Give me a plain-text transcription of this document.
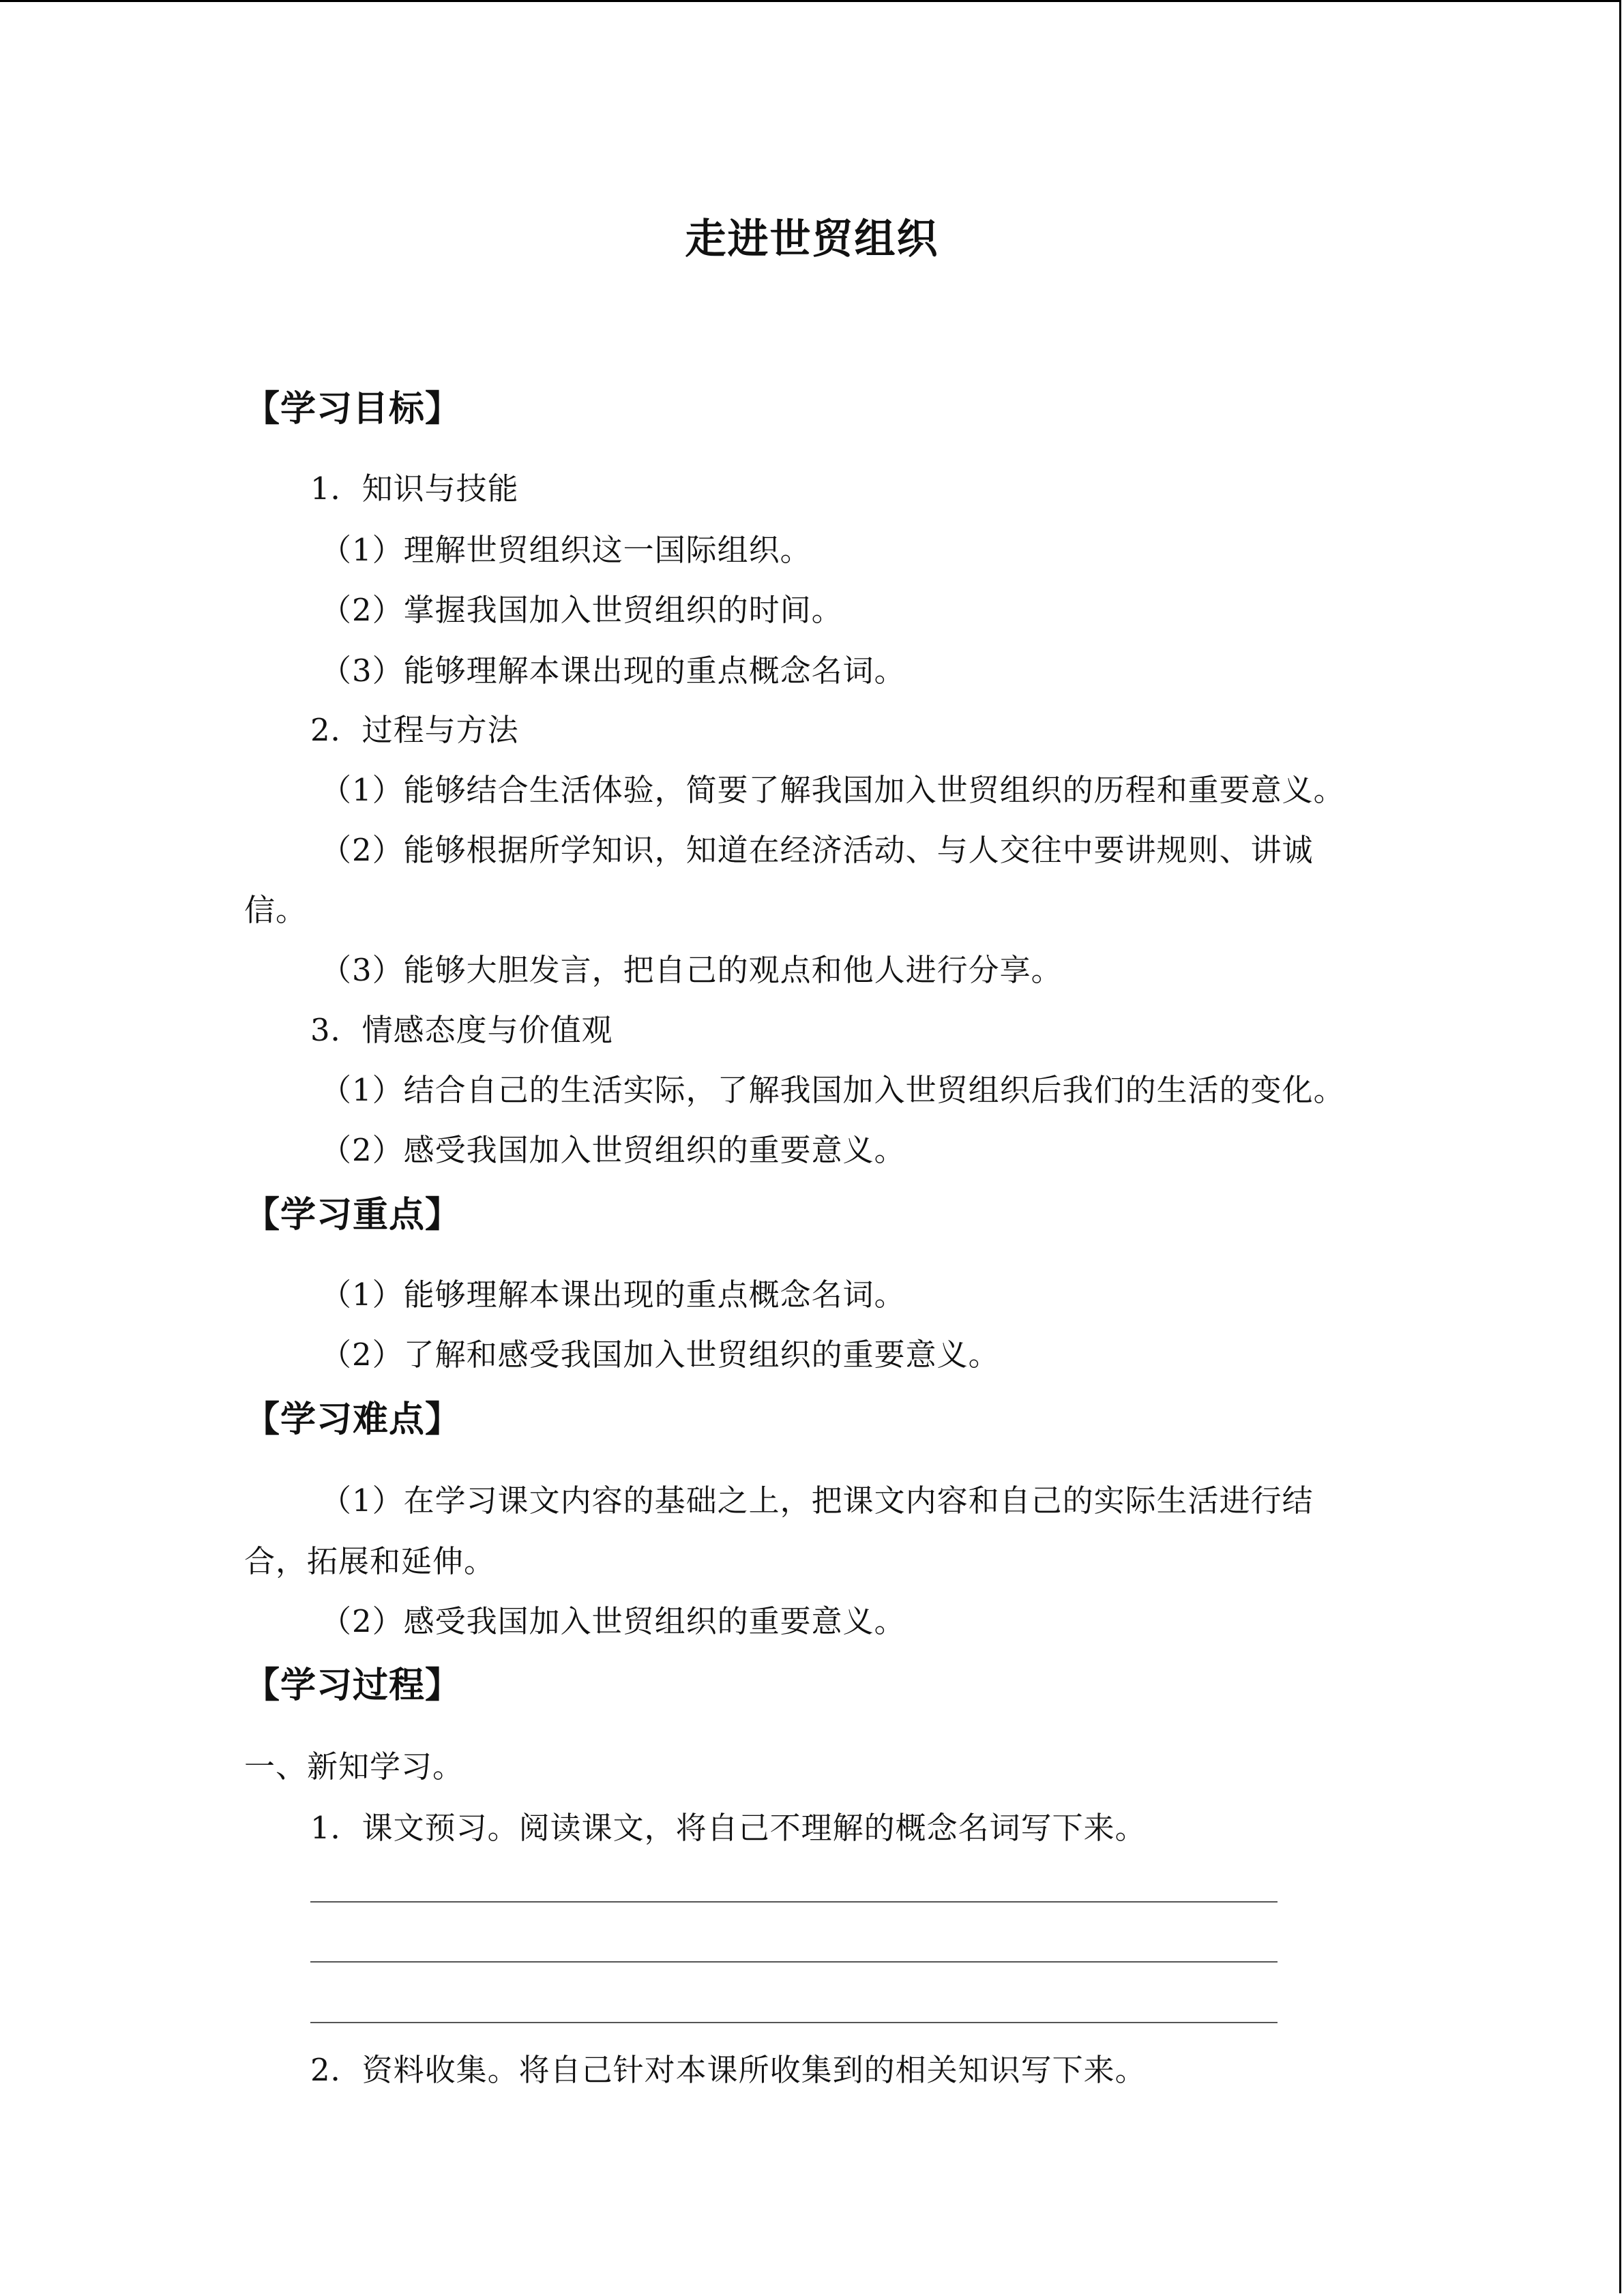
走进世贸组织
【学习目标】
1．知识与技能
（1）理解世贸组织这一国际组织。
（2）掌握我国加入世贸组织的时间。
（3）能够理解本课出现的重点概念名词。
2．过程与方法
（1）能够结合生活体验，简要了解我国加入世贸组织的历程和重要意义。
（2）能够根据所学知识，知道在经济活动、与人交往中要讲规则、讲诚
信。
（3）能够大胆发言，把自己的观点和他人进行分享。
3．情感态度与价值观
（1）结合自己的生活实际，了解我国加入世贸组织后我们的生活的变化。
（2）感受我国加入世贸组织的重要意义。
【学习重点】
（1）能够理解本课出现的重点概念名词。
（2）了解和感受我国加入世贸组织的重要意义。
【学习难点】
（1）在学习课文内容的基础之上，把课文内容和自己的实际生活进行结
合，拓展和延伸。
（2）感受我国加入世贸组织的重要意义。
【学习过程】
一、新知学习。
1．课文预习。阅读课文，将自己不理解的概念名词写下来。
2．资料收集。将自己针对本课所收集到的相关知识写下来。
